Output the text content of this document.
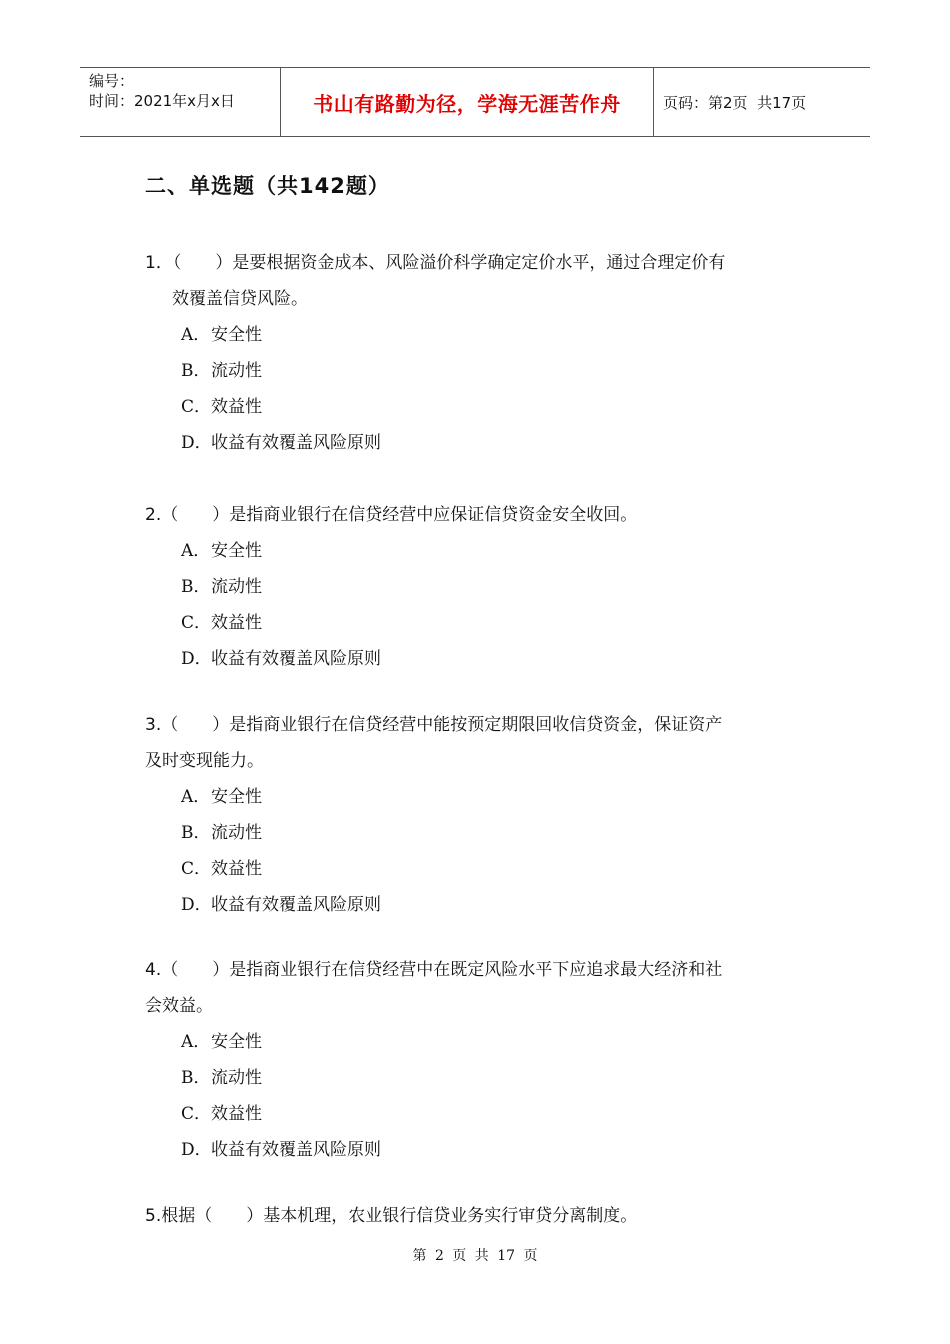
编号：
时间：2021年x月x日	书山有路勤为径，学海无涯苦作舟	页码：第2页  共17页
二、单选题（共142题）
1．（　　）是要根据资金成本、风险溢价科学确定定价水平，通过合理定价有
效覆盖信贷风险。
A．安全性
B．流动性
C．效益性
D．收益有效覆盖风险原则
2.（　　）是指商业银行在信贷经营中应保证信贷资金安全收回。
A．安全性
B．流动性
C．效益性
D．收益有效覆盖风险原则
3.（　　）是指商业银行在信贷经营中能按预定期限回收信贷资金，保证资产
及时变现能力。
A．安全性
B．流动性
C．效益性
D．收益有效覆盖风险原则
4.（　　）是指商业银行在信贷经营中在既定风险水平下应追求最大经济和社
会效益。
A．安全性
B．流动性
C．效益性
D．收益有效覆盖风险原则
5.根据（　　）基本机理，农业银行信贷业务实行审贷分离制度。
第 2 页 共 17 页
